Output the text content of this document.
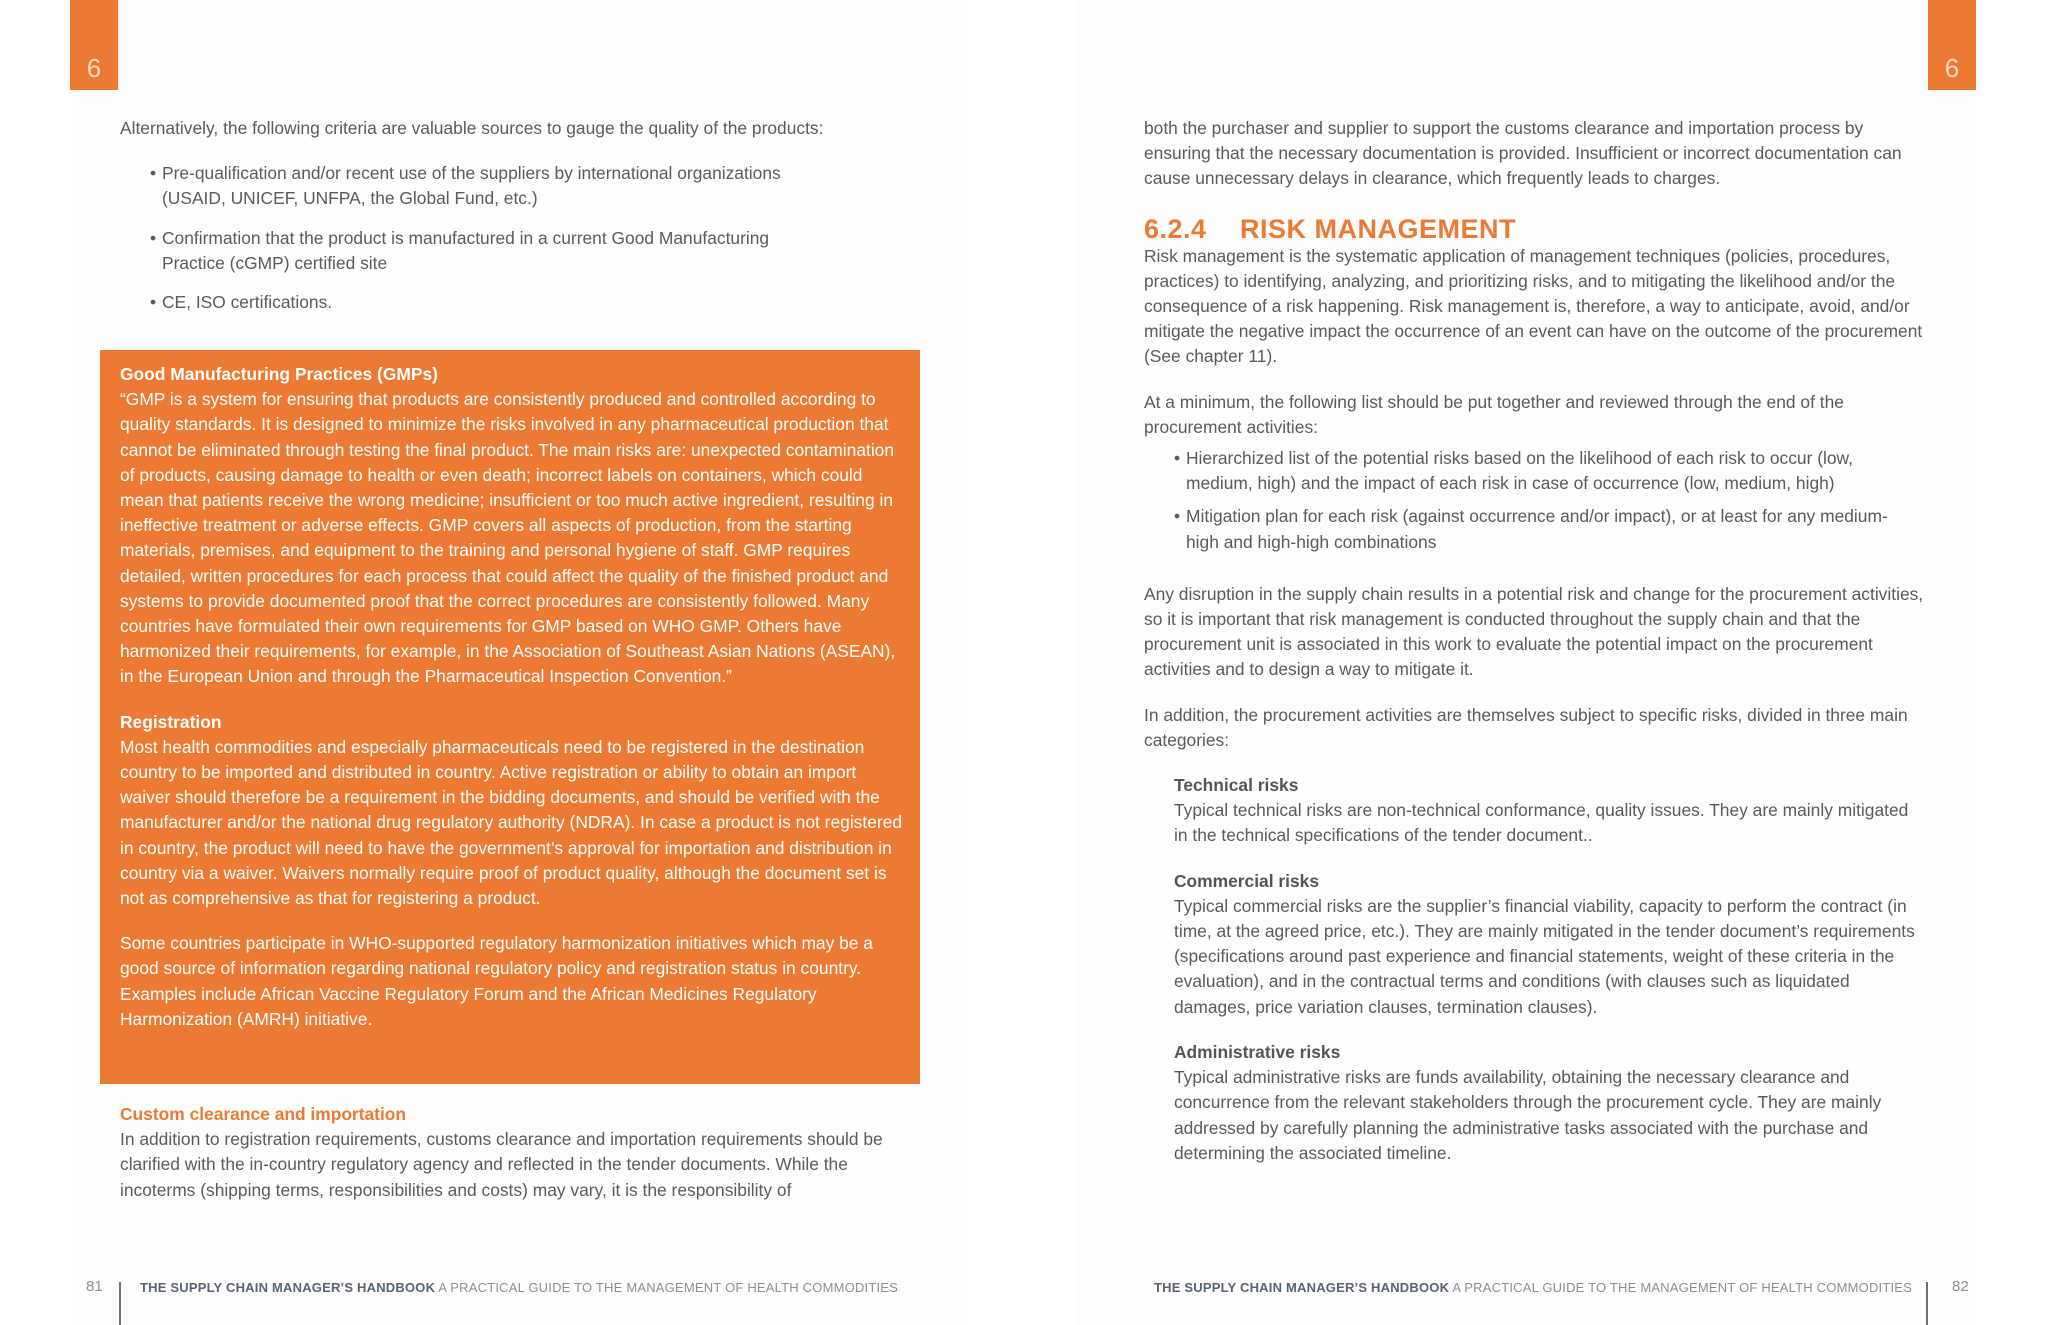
6	6

Alternatively, the following criteria are valuable sources to gauge the quality of the products:

• Pre-qualification and/or recent use of the suppliers by international organizations (USAID, UNICEF, UNFPA, the Global Fund, etc.)
• Confirmation that the product is manufactured in a current Good Manufacturing Practice (cGMP) certified site
• CE, ISO certifications.

Good Manufacturing Practices (GMPs)

“GMP is a system for ensuring that products are consistently produced and controlled according to quality standards. It is designed to minimize the risks involved in any pharmaceutical production that cannot be eliminated through testing the final product. The main risks are: unexpected contamination of products, causing damage to health or even death; incorrect labels on containers, which could mean that patients receive the wrong medicine; insufficient or too much active ingredient, resulting in ineffective treatment or adverse effects. GMP covers all aspects of production, from the starting materials, premises, and equipment to the training and personal hygiene of staff. GMP requires detailed, written procedures for each process that could affect the quality of the finished product and systems to provide documented proof that the correct procedures are consistently followed. Many countries have formulated their own requirements for GMP based on WHO GMP. Others have harmonized their requirements, for example, in the Association of Southeast Asian Nations (ASEAN), in the European Union and through the Pharmaceutical Inspection Convention.”

Registration

Most health commodities and especially pharmaceuticals need to be registered in the destination country to be imported and distributed in country. Active registration or ability to obtain an import waiver should therefore be a requirement in the bidding documents, and should be verified with the manufacturer and/or the national drug regulatory authority (NDRA). In case a product is not registered in country, the product will need to have the government’s approval for importation and distribution in country via a waiver. Waivers normally require proof of product quality, although the document set is not as comprehensive as that for registering a product.

Some countries participate in WHO-supported regulatory harmonization initiatives which may be a good source of information regarding national regulatory policy and registration status in country. Examples include African Vaccine Regulatory Forum and the African Medicines Regulatory Harmonization (AMRH) initiative.

Custom clearance and importation

In addition to registration requirements, customs clearance and importation requirements should be clarified with the in-country regulatory agency and reflected in the tender documents. While the incoterms (shipping terms, responsibilities and costs) may vary, it is the responsibility of

both the purchaser and supplier to support the customs clearance and importation process by ensuring that the necessary documentation is provided. Insufficient or incorrect documentation can cause unnecessary delays in clearance, which frequently leads to charges.

6.2.4 RISK MANAGEMENT

Risk management is the systematic application of management techniques (policies, procedures, practices) to identifying, analyzing, and prioritizing risks, and to mitigating the likelihood and/or the consequence of a risk happening. Risk management is, therefore, a way to anticipate, avoid, and/or mitigate the negative impact the occurrence of an event can have on the outcome of the procurement (See chapter 11).

At a minimum, the following list should be put together and reviewed through the end of the procurement activities:

• Hierarchized list of the potential risks based on the likelihood of each risk to occur (low, medium, high) and the impact of each risk in case of occurrence (low, medium, high)
• Mitigation plan for each risk (against occurrence and/or impact), or at least for any medium-high and high-high combinations

Any disruption in the supply chain results in a potential risk and change for the procurement activities, so it is important that risk management is conducted throughout the supply chain and that the procurement unit is associated in this work to evaluate the potential impact on the procurement activities and to design a way to mitigate it.

In addition, the procurement activities are themselves subject to specific risks, divided in three main categories:

Technical risks

Typical technical risks are non-technical conformance, quality issues. They are mainly mitigated in the technical specifications of the tender document..

Commercial risks

Typical commercial risks are the supplier’s financial viability, capacity to perform the contract (in time, at the agreed price, etc.). They are mainly mitigated in the tender document’s requirements (specifications around past experience and financial statements, weight of these criteria in the evaluation), and in the contractual terms and conditions (with clauses such as liquidated damages, price variation clauses, termination clauses).

Administrative risks

Typical administrative risks are funds availability, obtaining the necessary clearance and concurrence from the relevant stakeholders through the procurement cycle. They are mainly addressed by carefully planning the administrative tasks associated with the purchase and determining the associated timeline.

81	THE SUPPLY CHAIN MANAGER’S HANDBOOK A PRACTICAL GUIDE TO THE MANAGEMENT OF HEALTH COMMODITIES	THE SUPPLY CHAIN MANAGER’S HANDBOOK A PRACTICAL GUIDE TO THE MANAGEMENT OF HEALTH COMMODITIES	82
